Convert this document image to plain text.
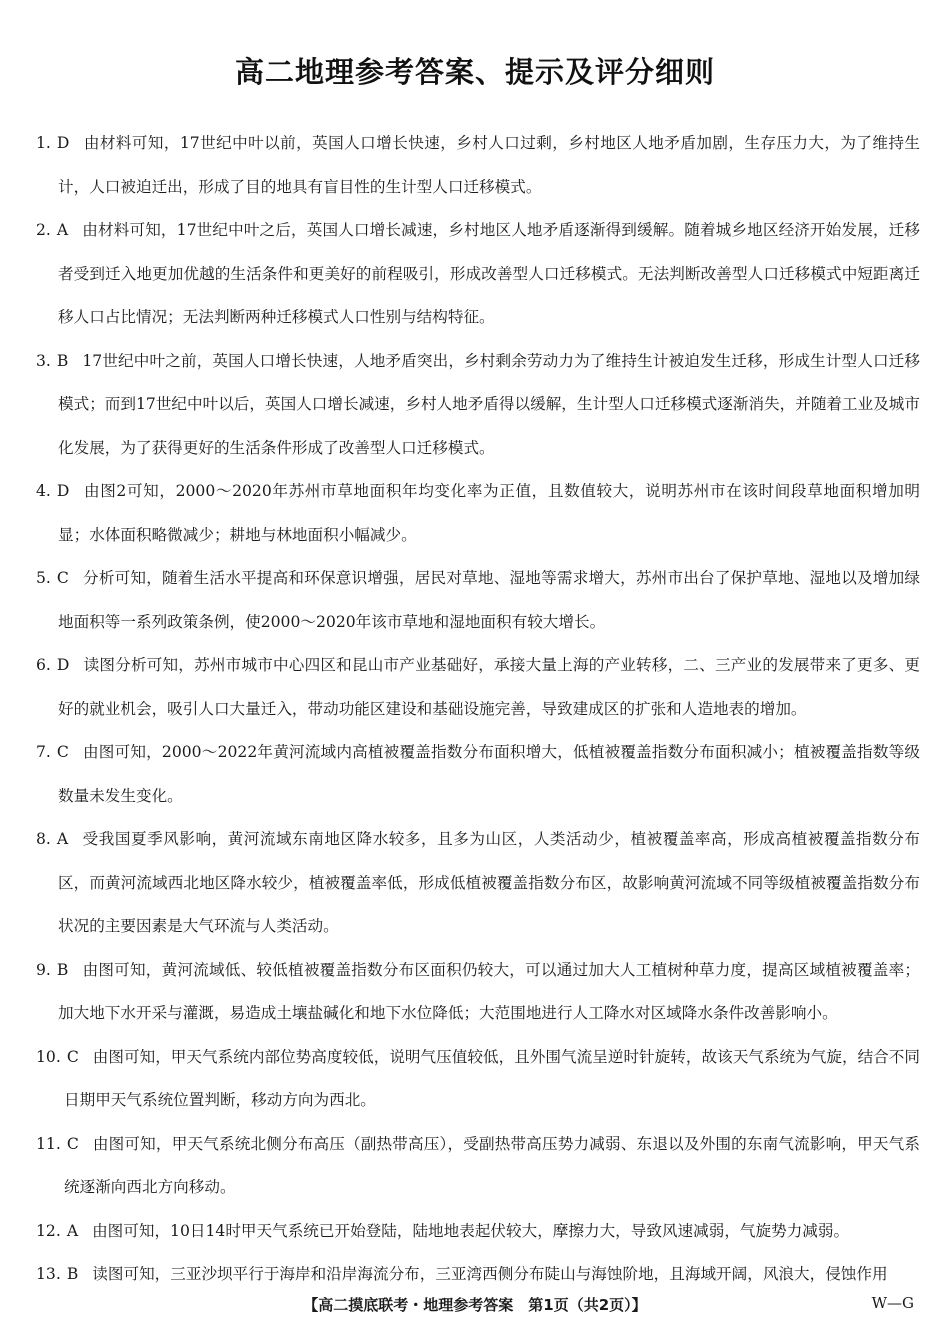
高二地理参考答案、提示及评分细则

1. D 由材料可知，17世纪中叶以前，英国人口增长快速，乡村人口过剩，乡村地区人地矛盾加剧，生存压力大，为了维持生计，人口被迫迁出，形成了目的地具有盲目性的生计型人口迁移模式。

2. A 由材料可知，17世纪中叶之后，英国人口增长减速，乡村地区人地矛盾逐渐得到缓解。随着城乡地区经济开始发展，迁移者受到迁入地更加优越的生活条件和更美好的前程吸引，形成改善型人口迁移模式。无法判断改善型人口迁移模式中短距离迁移人口占比情况；无法判断两种迁移模式人口性别与结构特征。

3. B 17世纪中叶之前，英国人口增长快速，人地矛盾突出，乡村剩余劳动力为了维持生计被迫发生迁移，形成生计型人口迁移模式；而到17世纪中叶以后，英国人口增长减速，乡村人地矛盾得以缓解，生计型人口迁移模式逐渐消失，并随着工业及城市化发展，为了获得更好的生活条件形成了改善型人口迁移模式。

4. D 由图2可知，2000～2020年苏州市草地面积年均变化率为正值，且数值较大，说明苏州市在该时间段草地面积增加明显；水体面积略微减少；耕地与林地面积小幅减少。

5. C 分析可知，随着生活水平提高和环保意识增强，居民对草地、湿地等需求增大，苏州市出台了保护草地、湿地以及增加绿地面积等一系列政策条例，使2000～2020年该市草地和湿地面积有较大增长。

6. D 读图分析可知，苏州市城市中心四区和昆山市产业基础好，承接大量上海的产业转移，二、三产业的发展带来了更多、更好的就业机会，吸引人口大量迁入，带动功能区建设和基础设施完善，导致建成区的扩张和人造地表的增加。

7. C 由图可知，2000～2022年黄河流域内高植被覆盖指数分布面积增大，低植被覆盖指数分布面积减小；植被覆盖指数等级数量未发生变化。

8. A 受我国夏季风影响，黄河流域东南地区降水较多，且多为山区，人类活动少，植被覆盖率高，形成高植被覆盖指数分布区，而黄河流域西北地区降水较少，植被覆盖率低，形成低植被覆盖指数分布区，故影响黄河流域不同等级植被覆盖指数分布状况的主要因素是大气环流与人类活动。

9. B 由图可知，黄河流域低、较低植被覆盖指数分布区面积仍较大，可以通过加大人工植树种草力度，提高区域植被覆盖率；加大地下水开采与灌溉，易造成土壤盐碱化和地下水位降低；大范围地进行人工降水对区域降水条件改善影响小。

10. C 由图可知，甲天气系统内部位势高度较低，说明气压值较低，且外围气流呈逆时针旋转，故该天气系统为气旋，结合不同日期甲天气系统位置判断，移动方向为西北。

11. C 由图可知，甲天气系统北侧分布高压（副热带高压），受副热带高压势力减弱、东退以及外围的东南气流影响，甲天气系统逐渐向西北方向移动。

12. A 由图可知，10日14时甲天气系统已开始登陆，陆地地表起伏较大，摩擦力大，导致风速减弱，气旋势力减弱。

13. B 读图可知，三亚沙坝平行于海岸和沿岸海流分布，三亚湾西侧分布陡山与海蚀阶地，且海域开阔，风浪大，侵蚀作用

【高二摸底联考・地理参考答案　第1页（共2页）】	W—G
